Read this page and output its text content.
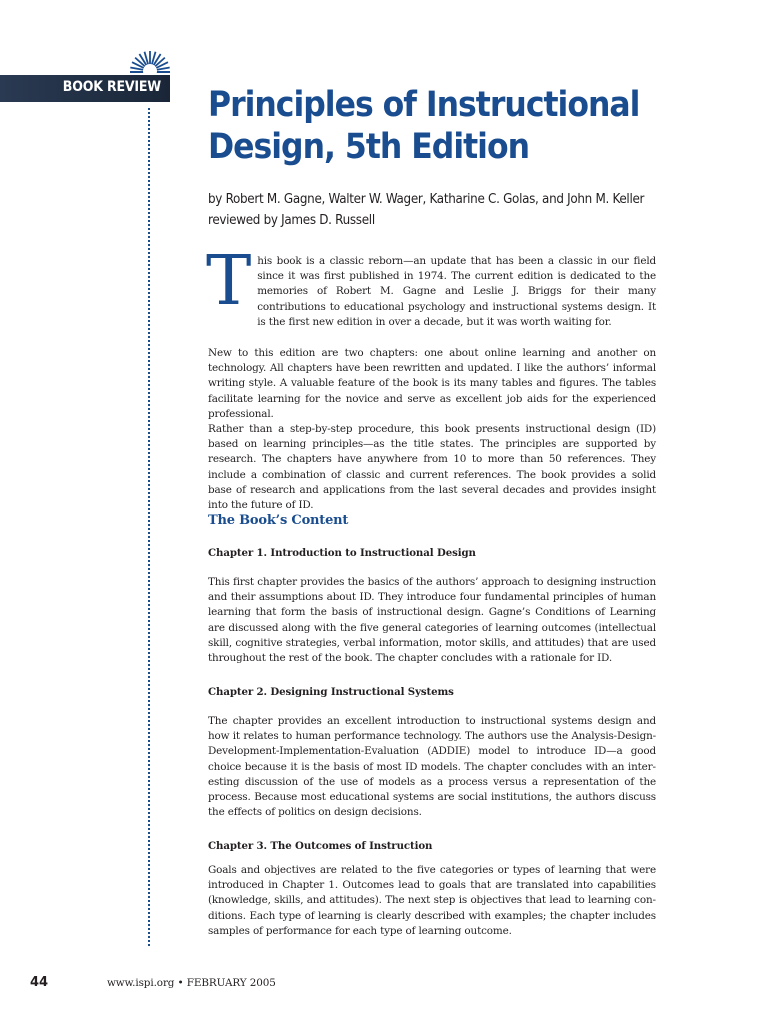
BOOK REVIEW Principles of Instructional
Design, 5th Edition
by Robert M. Gagne, Walter W. Wager, Katharine C. Golas, and John M. Keller
reviewed by James D. Russell

This book is a classic reborn—an update that has been a classic in our field since it was first published in 1974. The current edition is dedicated to the memories of Robert M. Gagne and Leslie J. Briggs for their many contributions to educational psychology and instructional systems design. It is the first new edition in over a decade, but it was worth waiting for.

New to this edition are two chapters: one about online learning and another on technology. All chapters have been rewritten and updated. I like the authors’ informal writing style. A valuable feature of the book is its many tables and figures. The tables facilitate learning for the novice and serve as excellent job aids for the experienced professional.

Rather than a step-by-step procedure, this book presents instructional design (ID) based on learning principles—as the title states. The principles are supported by research. The chapters have anywhere from 10 to more than 50 references. They include a combination of classic and current references. The book provides a solid base of research and applications from the last several decades and provides insight into the future of ID.

The Book’s Content
Chapter 1. Introduction to Instructional Design

This first chapter provides the basics of the authors’ approach to designing instruction and their assumptions about ID. They introduce four fundamental principles of human learning that form the basis of instructional design. Gagne’s Conditions of Learning are discussed along with the five general categories of learning outcomes (intellectual skill, cognitive strategies, verbal information, motor skills, and attitudes) that are used throughout the rest of the book. The chapter concludes with a rationale for ID.

Chapter 2. Designing Instructional Systems

The chapter provides an excellent introduction to instructional systems design and how it relates to human performance technology. The authors use the Analysis-Design-Development-Implementation-Evaluation (ADDIE) model to introduce ID—a good choice because it is the basis of most ID models. The chapter concludes with an interesting discussion of the use of models as a process versus a representation of the process. Because most educational systems are social institutions, the authors discuss the effects of politics on design decisions.

Chapter 3. The Outcomes of Instruction

Goals and objectives are related to the five categories or types of learning that were introduced in Chapter 1. Outcomes lead to goals that are translated into capabilities (knowledge, skills, and attitudes). The next step is objectives that lead to learning conditions. Each type of learning is clearly described with examples; the chapter includes samples of performance for each type of learning outcome.

44	www.ispi.org • FEBRUARY 2005
